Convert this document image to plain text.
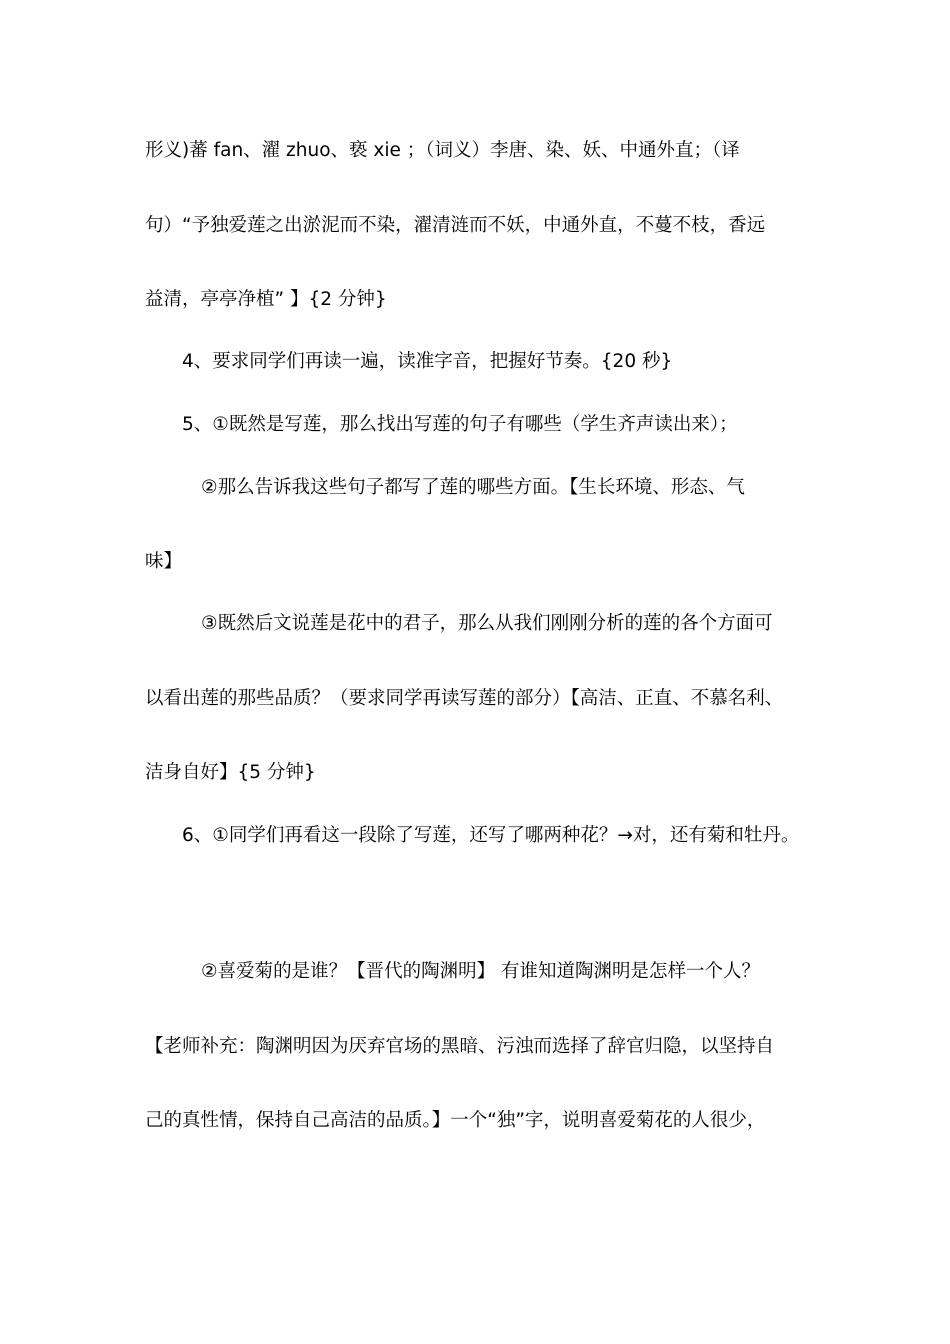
形义)蕃 fan、濯 zhuo、亵 xie ；（词义）李唐、染、妖、中通外直；（译
句）“予独爱莲之出淤泥而不染，濯清涟而不妖，中通外直，不蔓不枝，香远
益清，亭亭净植” 】{2 分钟}
4、要求同学们再读一遍，读准字音，把握好节奏。{20 秒}
5、①既然是写莲，那么找出写莲的句子有哪些（学生齐声读出来）；
②那么告诉我这些句子都写了莲的哪些方面。【生长环境、形态、气
味】
③既然后文说莲是花中的君子，那么从我们刚刚分析的莲的各个方面可
以看出莲的那些品质？（要求同学再读写莲的部分）【高洁、正直、不慕名利、
洁身自好】{5 分钟}
6、①同学们再看这一段除了写莲，还写了哪两种花？→对，还有菊和牡丹。
②喜爱菊的是谁？【晋代的陶渊明】 有谁知道陶渊明是怎样一个人？
【老师补充：陶渊明因为厌弃官场的黑暗、污浊而选择了辞官归隐，以坚持自
己的真性情，保持自己高洁的品质。】一个“独”字，说明喜爱菊花的人很少，
